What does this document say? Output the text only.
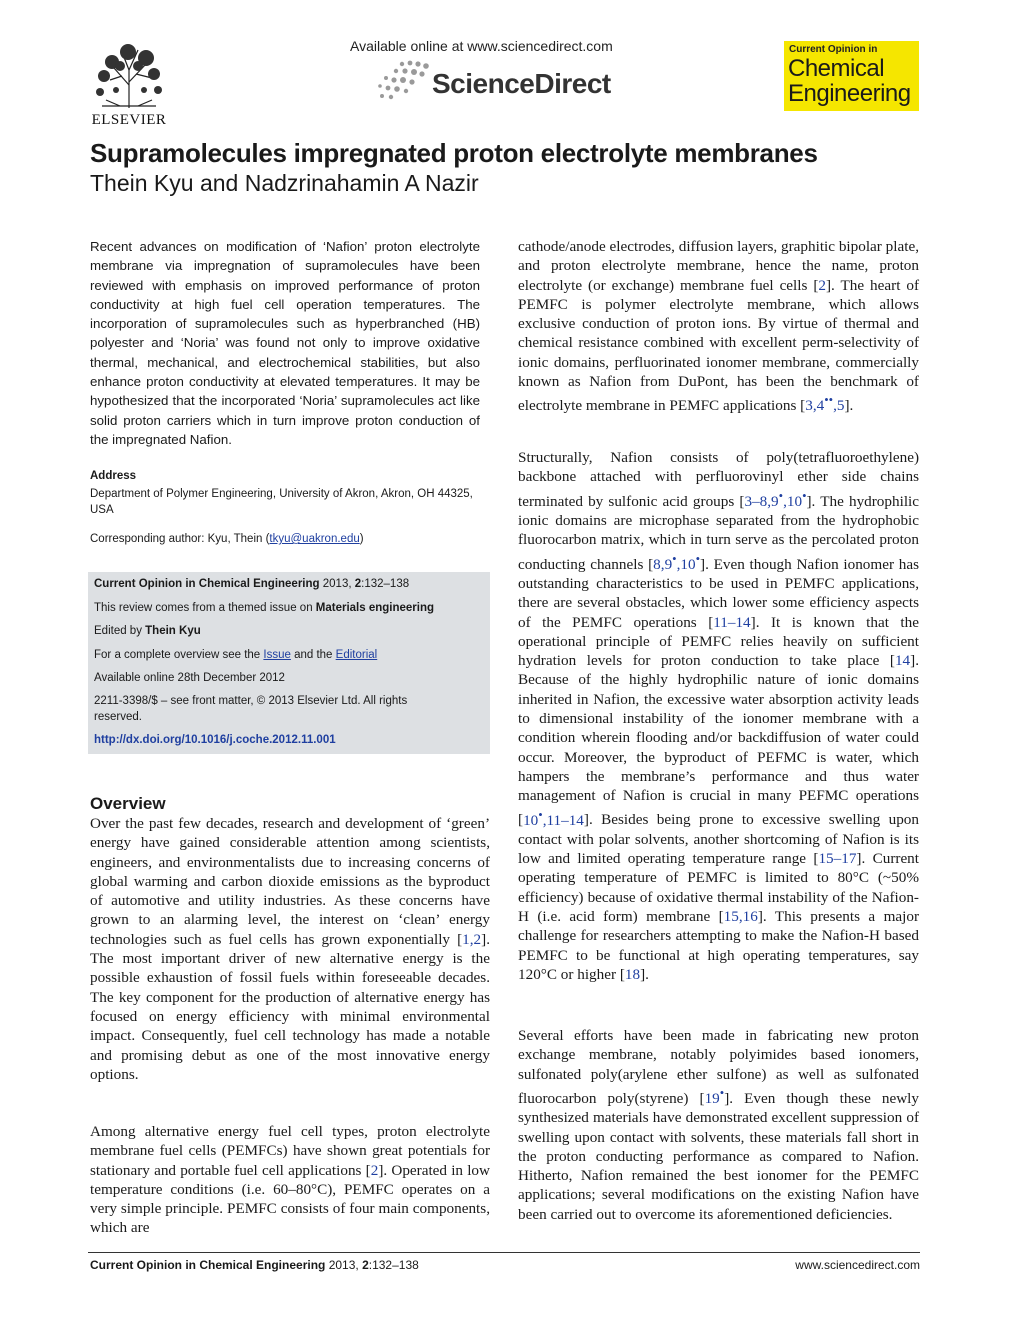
ELSEVIER
Available online at www.sciencedirect.com
ScienceDirect
Current Opinion in
Chemical
Engineering
Supramolecules impregnated proton electrolyte membranes
Thein Kyu and Nadzrinahamin A Nazir
Recent advances on modification of ‘Nafion’ proton electrolyte membrane via impregnation of supramolecules have been reviewed with emphasis on improved performance of proton conductivity at high fuel cell operation temperatures. The incorporation of supramolecules such as hyperbranched (HB) polyester and ‘Noria’ was found not only to improve oxidative thermal, mechanical, and electrochemical stabilities, but also enhance proton conductivity at elevated temperatures. It may be hypothesized that the incorporated ‘Noria’ supramolecules act like solid proton carriers which in turn improve proton conduction of the impregnated Nafion.
Address
Department of Polymer Engineering, University of Akron, Akron, OH 44325, USA
Corresponding author: Kyu, Thein (tkyu@uakron.edu)
Current Opinion in Chemical Engineering 2013, 2:132–138
This review comes from a themed issue on Materials engineering
Edited by Thein Kyu
For a complete overview see the Issue and the Editorial
Available online 28th December 2012
2211-3398/$ – see front matter, © 2013 Elsevier Ltd. All rights
reserved.
http://dx.doi.org/10.1016/j.coche.2012.11.001
Overview
Over the past few decades, research and development of ‘green’ energy have gained considerable attention among scientists, engineers, and environmentalists due to increasing concerns of global warming and carbon dioxide emissions as the byproduct of automotive and utility industries. As these concerns have grown to an alarming level, the interest on ‘clean’ energy technologies such as fuel cells has grown exponentially [1,2]. The most important driver of new alternative energy is the possible exhaustion of fossil fuels within foreseeable decades. The key component for the production of alternative energy has focused on energy efficiency with minimal environmental impact. Consequently, fuel cell technology has made a notable and promising debut as one of the most innovative energy options.
Among alternative energy fuel cell types, proton electrolyte membrane fuel cells (PEMFCs) have shown great potentials for stationary and portable fuel cell applications [2]. Operated in low temperature conditions (i.e. 60–80°C), PEMFC operates on a very simple principle. PEMFC consists of four main components, which are
cathode/anode electrodes, diffusion layers, graphitic bipolar plate, and proton electrolyte membrane, hence the name, proton electrolyte (or exchange) membrane fuel cells [2]. The heart of PEMFC is polymer electrolyte membrane, which allows exclusive conduction of proton ions. By virtue of thermal and chemical resistance combined with excellent perm-selectivity of ionic domains, perfluorinated ionomer membrane, commercially known as Nafion from DuPont, has been the benchmark of electrolyte membrane in PEMFC applications [3,4••,5].
Structurally, Nafion consists of poly(tetrafluoroethylene) backbone attached with perfluorovinyl ether side chains terminated by sulfonic acid groups [3–8,9•,10•]. The hydrophilic ionic domains are microphase separated from the hydrophobic fluorocarbon matrix, which in turn serve as the percolated proton conducting channels [8,9•,10•]. Even though Nafion ionomer has outstanding characteristics to be used in PEMFC applications, there are several obstacles, which lower some efficiency aspects of the PEMFC operations [11–14]. It is known that the operational principle of PEMFC relies heavily on sufficient hydration levels for proton conduction to take place [14]. Because of the highly hydrophilic nature of ionic domains inherited in Nafion, the excessive water absorption activity leads to dimensional instability of the ionomer membrane with a condition wherein flooding and/or backdiffusion of water could occur. Moreover, the byproduct of PEFMC is water, which hampers the membrane’s performance and thus water management of Nafion is crucial in many PEFMC operations [10•,11–14]. Besides being prone to excessive swelling upon contact with polar solvents, another shortcoming of Nafion is its low and limited operating temperature range [15–17]. Current operating temperature of PEMFC is limited to 80°C (~50% efficiency) because of oxidative thermal instability of the Nafion-H (i.e. acid form) membrane [15,16]. This presents a major challenge for researchers attempting to make the Nafion-H based PEMFC to be functional at high operating temperatures, say 120°C or higher [18].
Several efforts have been made in fabricating new proton exchange membrane, notably polyimides based ionomers, sulfonated poly(arylene ether sulfone) as well as sulfonated fluorocarbon poly(styrene) [19•]. Even though these newly synthesized materials have demonstrated excellent suppression of swelling upon contact with solvents, these materials fall short in the proton conducting performance as compared to Nafion. Hitherto, Nafion remained the best ionomer for the PEMFC applications; several modifications on the existing Nafion have been carried out to overcome its aforementioned deficiencies.
Current Opinion in Chemical Engineering 2013, 2:132–138	www.sciencedirect.com
